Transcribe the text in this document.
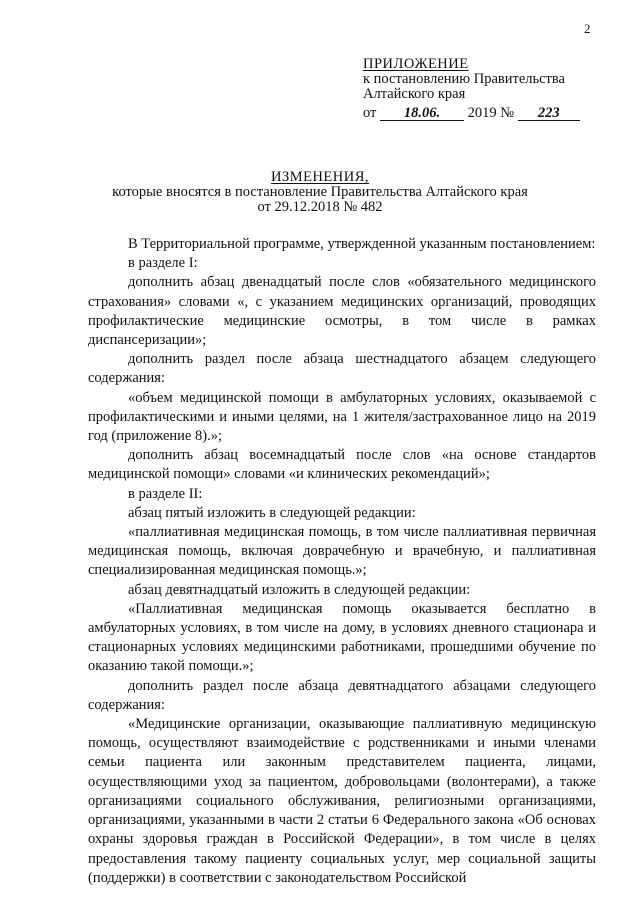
2
ПРИЛОЖЕНИЕ
к постановлению Правительства
Алтайского края
от 18.06. 2019 № 223
ИЗМЕНЕНИЯ,
которые вносятся в постановление Правительства Алтайского края
от 29.12.2018 № 482

В Территориальной программе, утвержденной указанным постановлением:

в разделе I:

дополнить абзац двенадцатый после слов «обязательного медицинского страхования» словами «, с указанием медицинских организаций, проводящих профилактические медицинские осмотры, в том числе в рамках диспансеризации»;

дополнить раздел после абзаца шестнадцатого абзацем следующего содержания:

«объем медицинской помощи в амбулаторных условиях, оказываемой с профилактическими и иными целями, на 1 жителя/застрахованное лицо на 2019 год (приложение 8).»;

дополнить абзац восемнадцатый после слов «на основе стандартов медицинской помощи» словами «и клинических рекомендаций»;

в разделе II:

абзац пятый изложить в следующей редакции:

«паллиативная медицинская помощь, в том числе паллиативная первичная медицинская помощь, включая доврачебную и врачебную, и паллиативная специализированная медицинская помощь.»;

абзац девятнадцатый изложить в следующей редакции:

«Паллиативная медицинская помощь оказывается бесплатно в амбулаторных условиях, в том числе на дому, в условиях дневного стационара и стационарных условиях медицинскими работниками, прошедшими обучение по оказанию такой помощи.»;

дополнить раздел после абзаца девятнадцатого абзацами следующего содержания:

«Медицинские организации, оказывающие паллиативную медицинскую помощь, осуществляют взаимодействие с родственниками и иными членами семьи пациента или законным представителем пациента, лицами, осуществляющими уход за пациентом, добровольцами (волонтерами), а также организациями социального обслуживания, религиозными организациями, организациями, указанными в части 2 статьи 6 Федерального закона «Об основах охраны здоровья граждан в Российской Федерации», в том числе в целях предоставления такому пациенту социальных услуг, мер социальной защиты (поддержки) в соответствии с законодательством Российской
